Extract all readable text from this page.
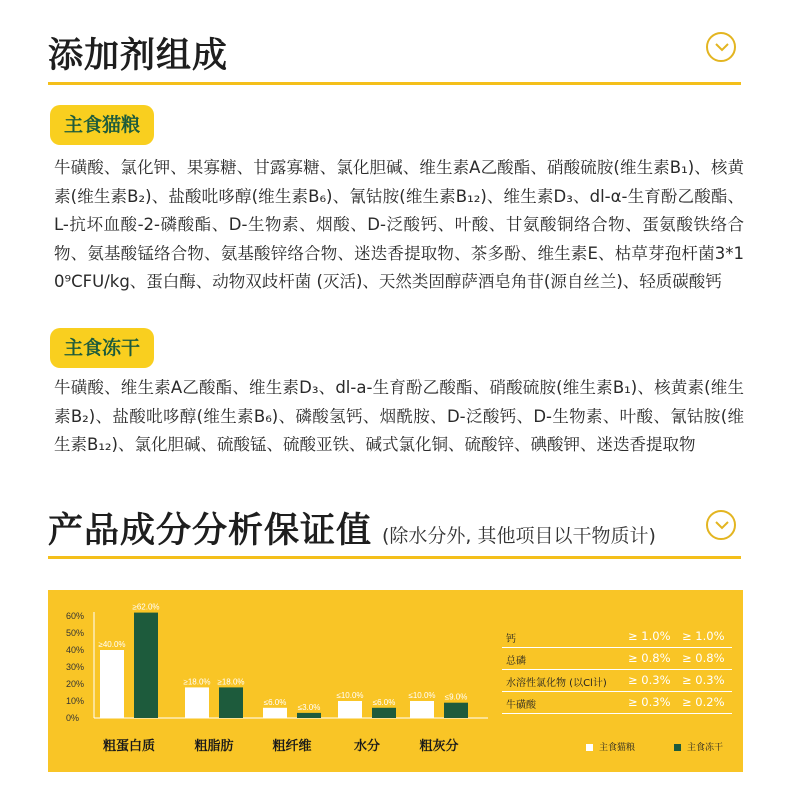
添加剂组成
主食猫粮
牛磺酸、氯化钾、果寡糖、甘露寡糖、氯化胆碱、维生素A乙酸酯、硝酸硫胺(维生素B₁)、核黄素(维生素B₂)、盐酸吡哆醇(维生素B₆)、氰钴胺(维生素B₁₂)、维生素D₃、dl-α-生育酚乙酸酯、L-抗坏血酸-2-磷酸酯、D-生物素、烟酸、D-泛酸钙、叶酸、甘氨酸铜络合物、蛋氨酸铁络合物、氨基酸锰络合物、氨基酸锌络合物、迷迭香提取物、茶多酚、维生素E、枯草芽孢杆菌3*10⁹CFU/kg、蛋白酶、动物双歧杆菌 (灭活)、天然类固醇萨酒皂角苷(源自丝兰)、轻质碳酸钙
主食冻干
牛磺酸、维生素A乙酸酯、维生素D₃、dl-a-生育酚乙酸酯、硝酸硫胺(维生素B₁)、核黄素(维生素B₂)、盐酸吡哆醇(维生素B₆)、磷酸氢钙、烟酰胺、D-泛酸钙、D-生物素、叶酸、氰钴胺(维生素B₁₂)、氯化胆碱、硫酸锰、硫酸亚铁、碱式氯化铜、硫酸锌、碘酸钾、迷迭香提取物
产品成分分析保证值 (除水分外, 其他项目以干物质计)
0%
10%
20%
30%
40%
50%
60%
≥40.0%
≥62.0%
粗蛋白质
≥18.0% ≥18.0%
粗脂肪
≤6.0%
≤3.0%
粗纤维
≤10.0%
≤6.0%
水分
≤10.0% ≤9.0%
粗灰分
钙	≥ 1.0% ≥ 1.0%
总磷	≥ 0.8% ≥ 0.8%
水溶性氯化物 (以Cl计) ≥ 0.3% ≥ 0.3%
牛磺酸	≥ 0.3% ≥ 0.2%
主食猫粮	主食冻干
